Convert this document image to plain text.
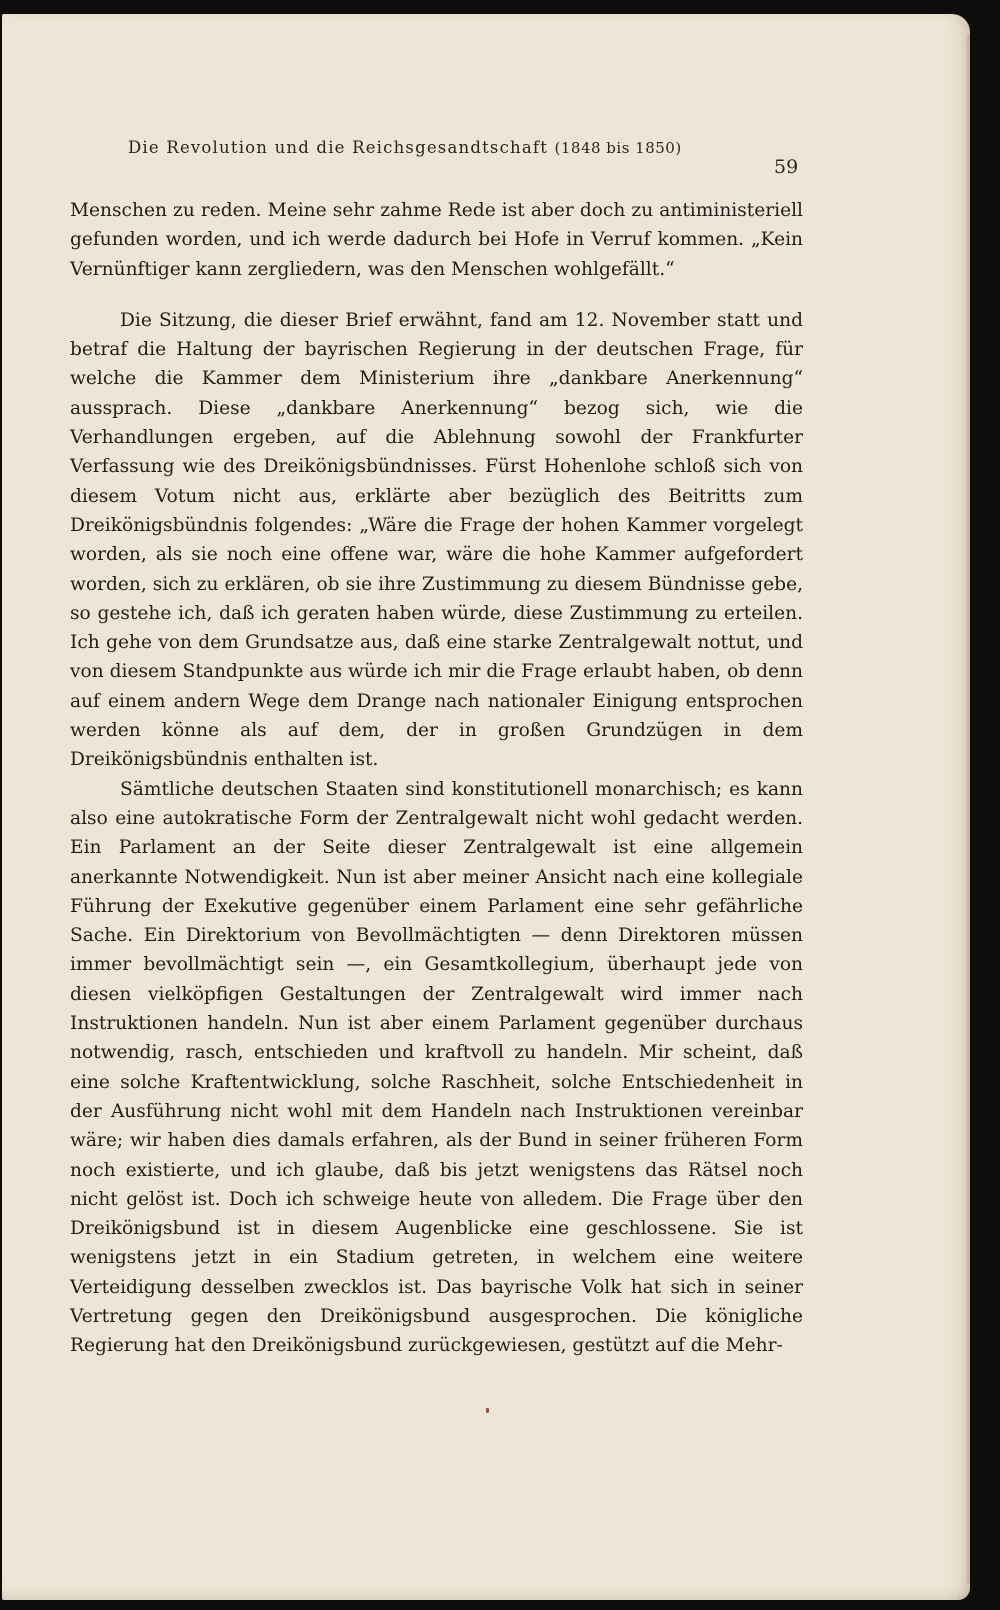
Die Revolution und die Reichsgesandtschaft (1848 bis 1850)
59

Menschen zu reden. Meine sehr zahme Rede ist aber doch zu antiministeriell gefunden worden, und ich werde dadurch bei Hofe in Verruf kommen. „Kein Vernünftiger kann zergliedern, was den Menschen wohlgefällt.“

Die Sitzung, die dieser Brief erwähnt, fand am 12. November statt und betraf die Haltung der bayrischen Regierung in der deutschen Frage, für welche die Kammer dem Ministerium ihre „dankbare Anerkennung“ aussprach. Diese „dankbare Anerkennung“ bezog sich, wie die Verhandlungen ergeben, auf die Ablehnung sowohl der Frankfurter Verfassung wie des Dreikönigsbündnisses. Fürst Hohenlohe schloß sich von diesem Votum nicht aus, erklärte aber bezüglich des Beitritts zum Dreikönigsbündnis folgendes: „Wäre die Frage der hohen Kammer vorgelegt worden, als sie noch eine offene war, wäre die hohe Kammer aufgefordert worden, sich zu erklären, ob sie ihre Zustimmung zu diesem Bündnisse gebe, so gestehe ich, daß ich geraten haben würde, diese Zustimmung zu erteilen. Ich gehe von dem Grundsatze aus, daß eine starke Zentralgewalt nottut, und von diesem Standpunkte aus würde ich mir die Frage erlaubt haben, ob denn auf einem andern Wege dem Drange nach nationaler Einigung entsprochen werden könne als auf dem, der in großen Grundzügen in dem Dreikönigsbündnis enthalten ist.

Sämtliche deutschen Staaten sind konstitutionell monarchisch; es kann also eine autokratische Form der Zentralgewalt nicht wohl gedacht werden. Ein Parlament an der Seite dieser Zentralgewalt ist eine allgemein anerkannte Notwendigkeit. Nun ist aber meiner Ansicht nach eine kollegiale Führung der Exekutive gegenüber einem Parlament eine sehr gefährliche Sache. Ein Direktorium von Bevollmächtigten — denn Direktoren müssen immer bevollmächtigt sein —, ein Gesamtkollegium, überhaupt jede von diesen vielköpfigen Gestaltungen der Zentralgewalt wird immer nach Instruktionen handeln. Nun ist aber einem Parlament gegenüber durchaus notwendig, rasch, entschieden und kraftvoll zu handeln. Mir scheint, daß eine solche Kraftentwicklung, solche Raschheit, solche Entschiedenheit in der Ausführung nicht wohl mit dem Handeln nach Instruktionen vereinbar wäre; wir haben dies damals erfahren, als der Bund in seiner früheren Form noch existierte, und ich glaube, daß bis jetzt wenigstens das Rätsel noch nicht gelöst ist. Doch ich schweige heute von alledem. Die Frage über den Dreikönigsbund ist in diesem Augenblicke eine geschlossene. Sie ist wenigstens jetzt in ein Stadium getreten, in welchem eine weitere Verteidigung desselben zwecklos ist. Das bayrische Volk hat sich in seiner Vertretung gegen den Dreikönigsbund ausgesprochen. Die königliche Regierung hat den Dreikönigsbund zurückgewiesen, gestützt auf die Mehr-
